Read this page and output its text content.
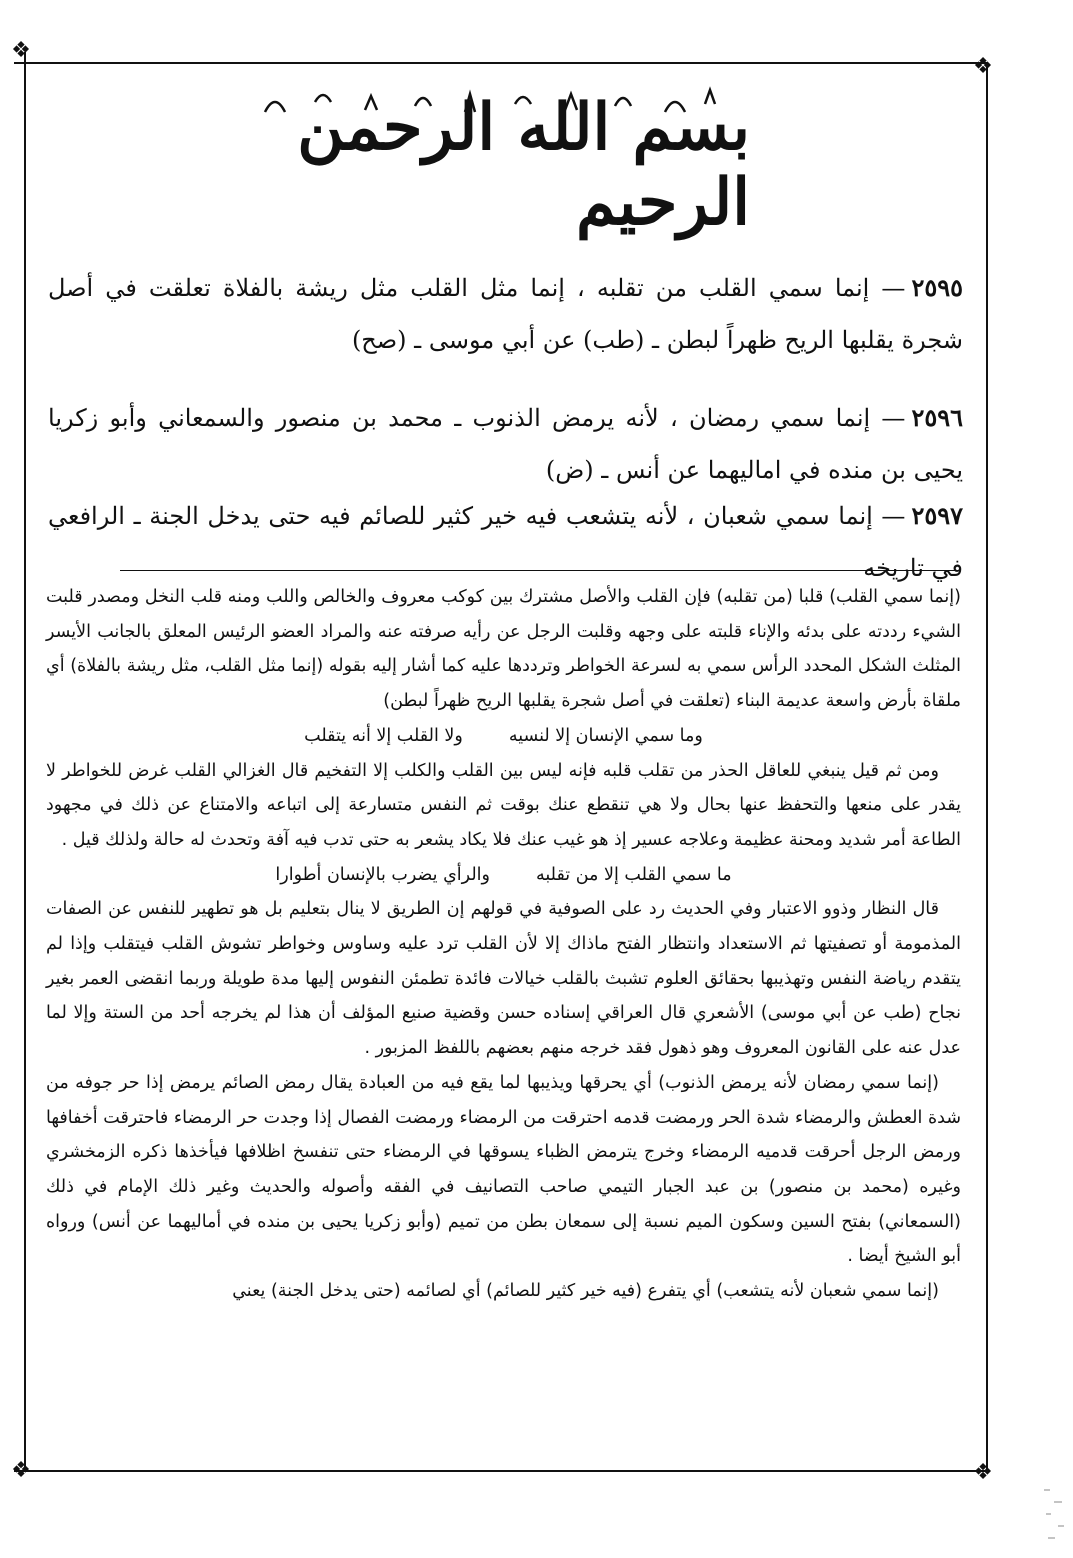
❖
❖
❖	❖
بسم الله الرحمن الرحيم
٢٥٩٥— إنما سمي القلب من تقلبه ، إنما مثل القلب مثل ريشة بالفلاة تعلقت في أصل شجرة يقلبها الريح ظهراً لبطن ـ (طب) عن أبي موسى ـ (صح)
٢٥٩٦— إنما سمي رمضان ، لأنه يرمض الذنوب ـ محمد بن منصور والسمعاني وأبو زكريا يحيى بن منده في اماليهما عن أنس ـ (ض)
٢٥٩٧— إنما سمي شعبان ، لأنه يتشعب فيه خير كثير للصائم فيه حتى يدخل الجنة ـ الرافعي في تاريخه

(إنما سمي القلب) قلبا (من تقلبه) فإن القلب والأصل مشترك بين كوكب معروف والخالص واللب ومنه قلب النخل ومصدر قلبت الشيء رددته على بدئه والإناء قلبته على وجهه وقلبت الرجل عن رأيه صرفته عنه والمراد العضو الرئيس المعلق بالجانب الأيسر المثلث الشكل المحدد الرأس سمي به لسرعة الخواطر وترددها عليه كما أشار إليه بقوله (إنما مثل القلب، مثل ريشة بالفلاة) أي ملقاة بأرض واسعة عديمة البناء (تعلقت في أصل شجرة يقلبها الريح ظهراً لبطن)

وما سمي الإنسان إلا لنسيه
ولا القلب إلا أنه يتقلب

ومن ثم قيل ينبغي للعاقل الحذر من تقلب قلبه فإنه ليس بين القلب والكلب إلا التفخيم قال الغزالي القلب غرض للخواطر لا يقدر على منعها والتحفظ عنها بحال ولا هي تنقطع عنك بوقت ثم النفس متسارعة إلى اتباعه والامتناع عن ذلك في مجهود الطاعة أمر شديد ومحنة عظيمة وعلاجه عسير إذ هو غيب عنك فلا يكاد يشعر به حتى تدب فيه آفة وتحدث له حالة ولذلك قيل .

ما سمي القلب إلا من تقلبه
والرأي يضرب بالإنسان أطوارا

قال النظار وذوو الاعتبار وفي الحديث رد على الصوفية في قولهم إن الطريق لا ينال بتعليم بل هو تطهير للنفس عن الصفات المذمومة أو تصفيتها ثم الاستعداد وانتظار الفتح ماذاك إلا لأن القلب ترد عليه وساوس وخواطر تشوش القلب فيتقلب وإذا لم يتقدم رياضة النفس وتهذيبها بحقائق العلوم تشبث بالقلب خيالات فائدة تطمئن النفوس إليها مدة طويلة وربما انقضى العمر بغير نجاح (طب عن أبي موسى) الأشعري قال العراقي إسناده حسن وقضية صنيع المؤلف أن هذا لم يخرجه أحد من الستة وإلا لما عدل عنه على القانون المعروف وهو ذهول فقد خرجه منهم بعضهم باللفظ المزبور .

(إنما سمي رمضان لأنه يرمض الذنوب) أي يحرقها ويذيبها لما يقع فيه من العبادة يقال رمض الصائم يرمض إذا حر جوفه من شدة العطش والرمضاء شدة الحر ورمضت قدمه احترقت من الرمضاء ورمضت الفصال إذا وجدت حر الرمضاء فاحترقت أخفافها ورمض الرجل أحرقت قدميه الرمضاء وخرج يترمض الظباء يسوقها في الرمضاء حتى تنفسخ اظلافها فيأخذها ذكره الزمخشري وغيره (محمد بن منصور) بن عبد الجبار التيمي صاحب التصانيف في الفقه وأصوله والحديث وغير ذلك الإمام في ذلك (السمعاني) بفتح السين وسكون الميم نسبة إلى سمعان بطن من تميم (وأبو زكريا يحيى بن منده في أماليهما عن أنس) ورواه أبو الشيخ أيضا .

(إنما سمي شعبان لأنه يتشعب) أي يتفرع (فيه خير كثير للصائم) أي لصائمه (حتى يدخل الجنة) يعني
